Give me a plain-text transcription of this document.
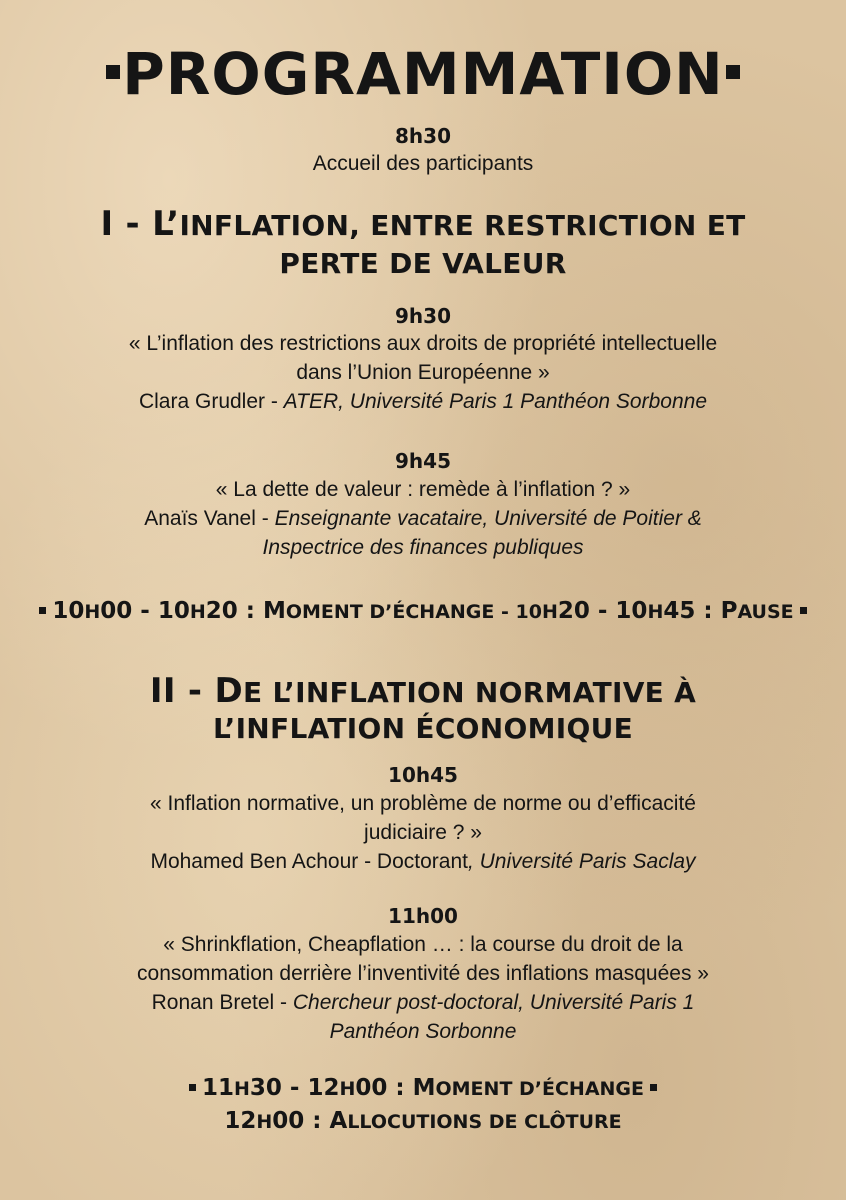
PROGRAMMATION
8h30
Accueil des participants
I - L’INFLATION, ENTRE RESTRICTION ET
PERTE DE VALEUR
9h30
« L’inflation des restrictions aux droits de propriété intellectuelle
dans l’Union Européenne »
Clara Grudler - ATER, Université Paris 1 Panthéon Sorbonne
9h45
« La dette de valeur : remède à l’inflation ? »
Anaïs Vanel - Enseignante vacataire, Université de Poitier &
Inspectrice des finances publiques
10H00 - 10H20 : MOMENT D’ÉCHANGE - 10H20 - 10H45 : PAUSE
II - DE L’INFLATION NORMATIVE À
L’INFLATION ÉCONOMIQUE
10h45
« Inflation normative, un problème de norme ou d’efficacité
judiciaire ? »
Mohamed Ben Achour - Doctorant, Université Paris Saclay
11h00
« Shrinkflation, Cheapflation … : la course du droit de la
consommation derrière l’inventivité des inflations masquées »
Ronan Bretel - Chercheur post-doctoral, Université Paris 1
Panthéon Sorbonne
11H30 - 12H00 : MOMENT D’ÉCHANGE
12H00 : ALLOCUTIONS DE CLÔTURE
